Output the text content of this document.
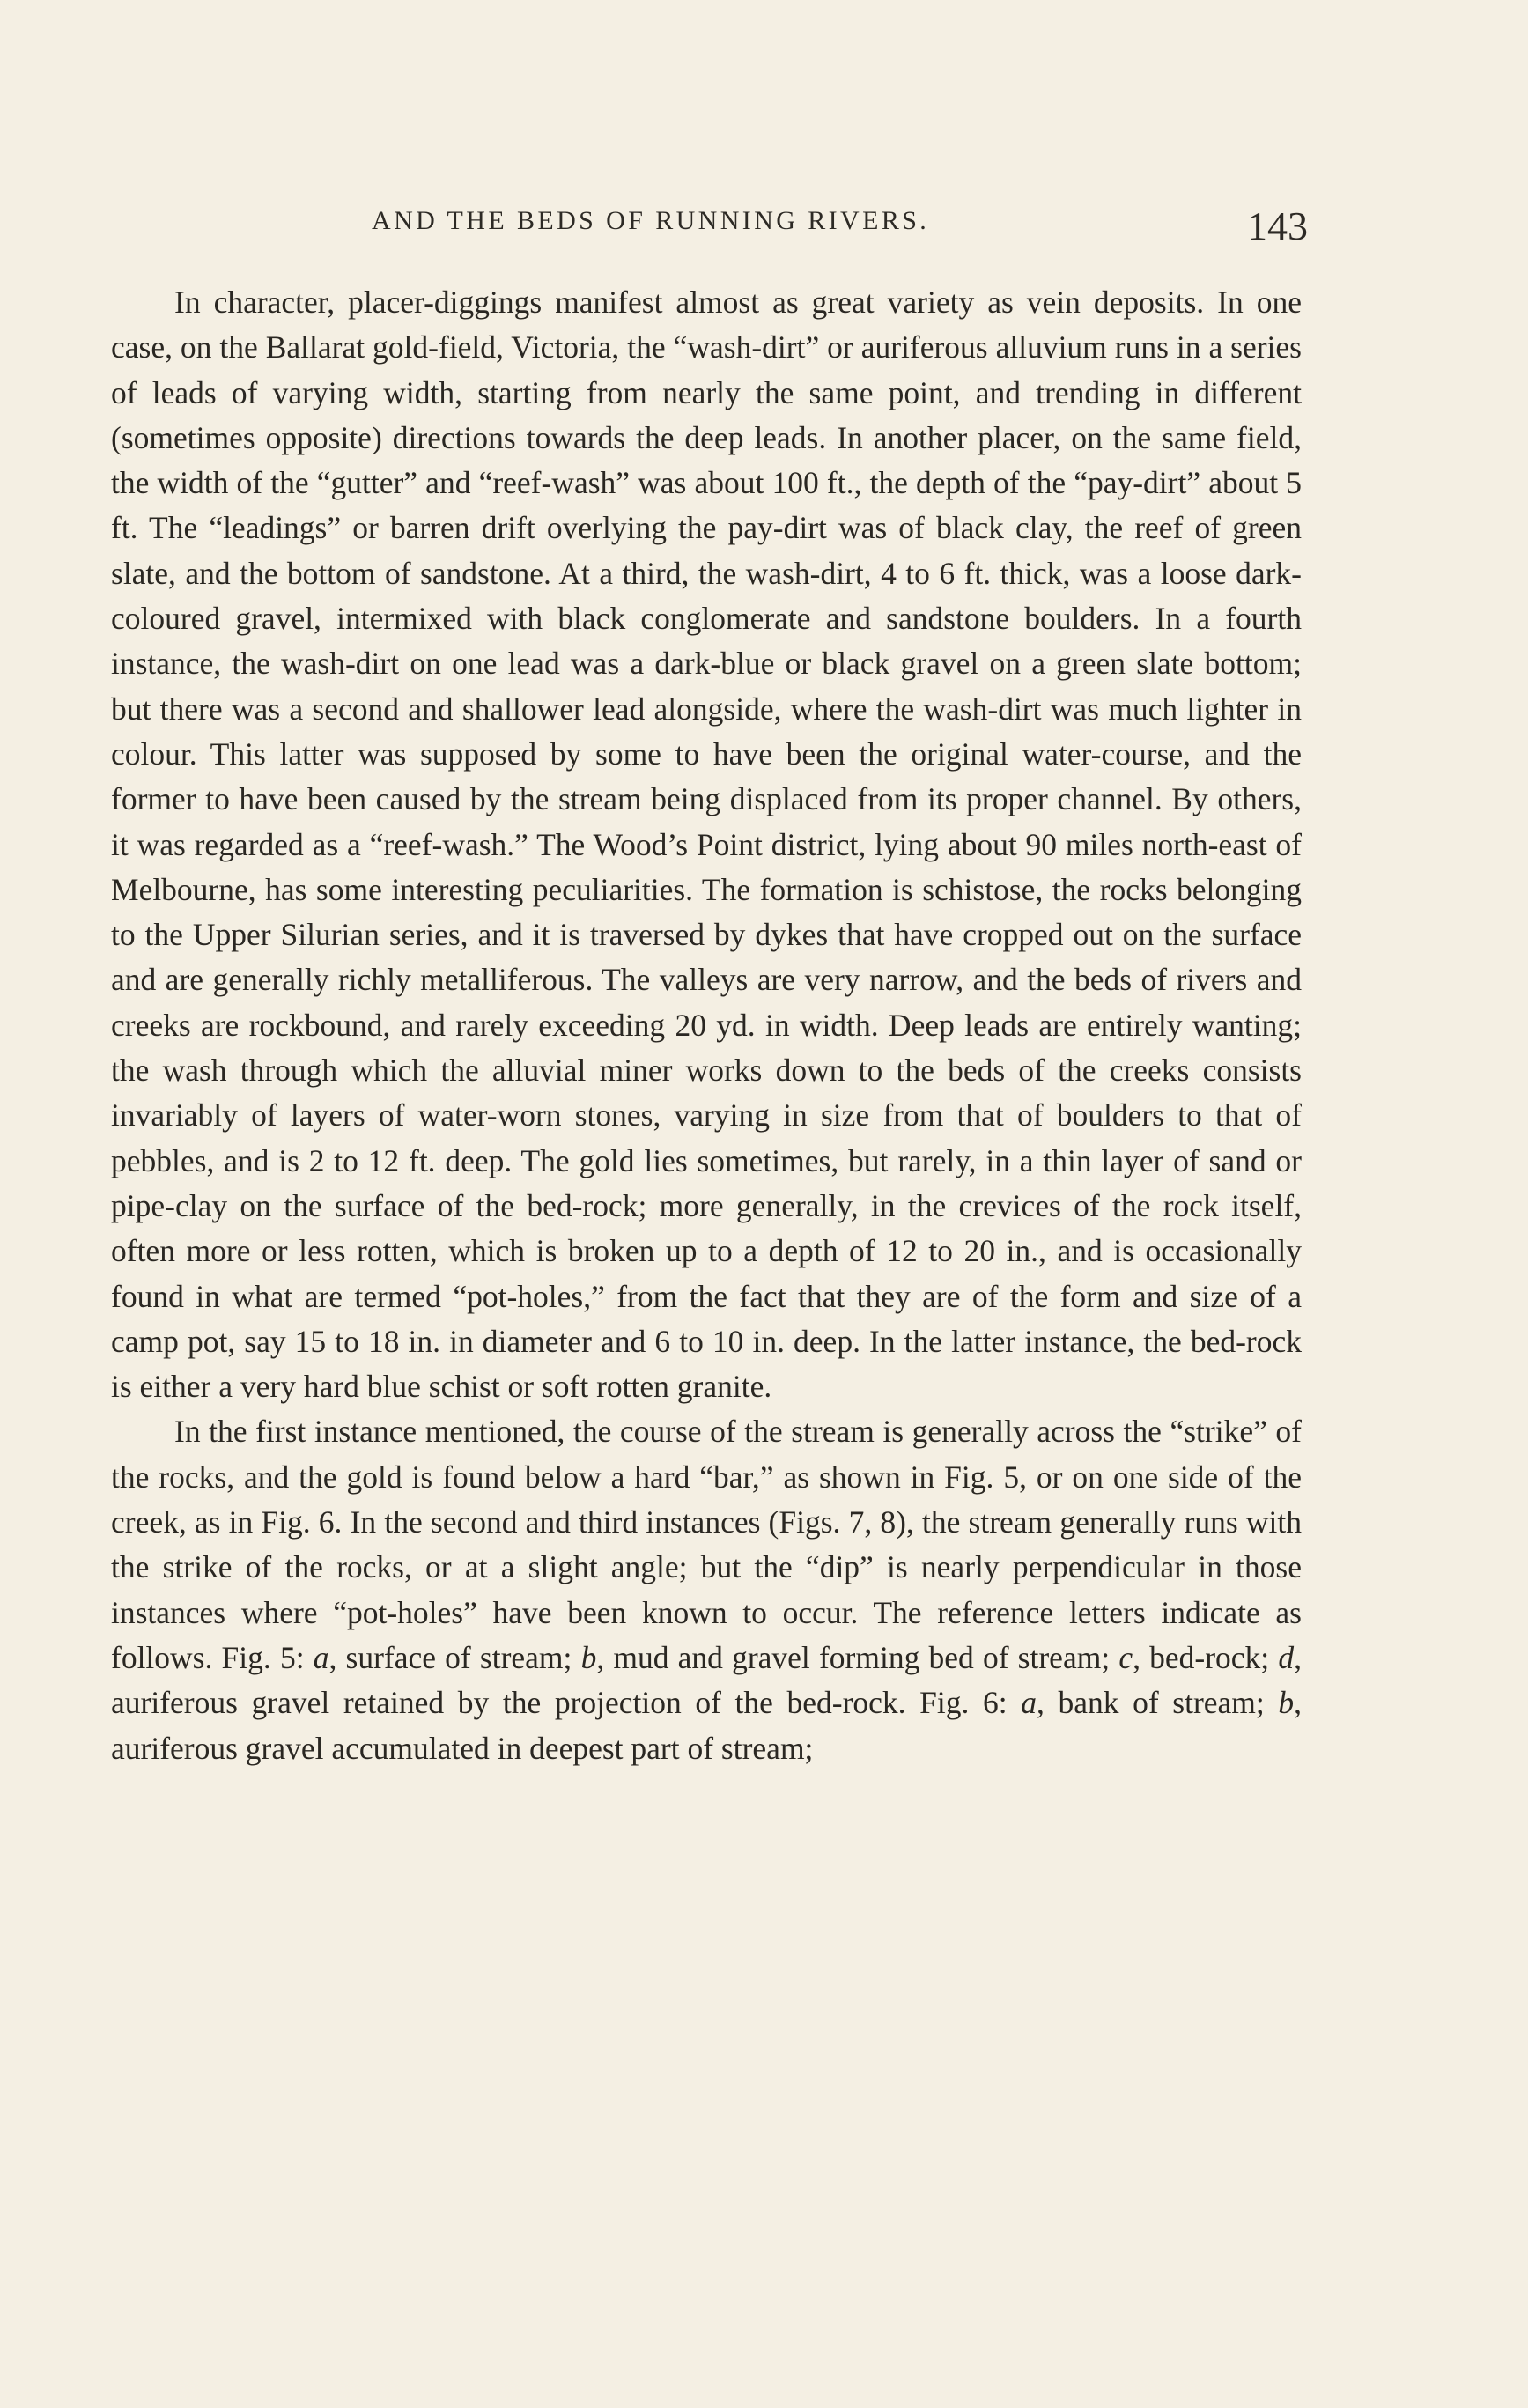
AND THE BEDS OF RUNNING RIVERS.	143

In character, placer-diggings manifest almost as great variety as vein deposits. In one case, on the Ballarat gold-field, Victoria, the “wash-dirt” or auriferous alluvium runs in a series of leads of varying width, starting from nearly the same point, and trending in different (sometimes opposite) directions towards the deep leads. In another placer, on the same field, the width of the “gutter” and “reef-wash” was about 100 ft., the depth of the “pay-dirt” about 5 ft. The “leadings” or barren drift overlying the pay-dirt was of black clay, the reef of green slate, and the bottom of sandstone. At a third, the wash-dirt, 4 to 6 ft. thick, was a loose dark-coloured gravel, intermixed with black conglomerate and sandstone boulders. In a fourth instance, the wash-dirt on one lead was a dark-blue or black gravel on a green slate bottom; but there was a second and shallower lead alongside, where the wash-dirt was much lighter in colour. This latter was supposed by some to have been the original water-course, and the former to have been caused by the stream being displaced from its proper channel. By others, it was regarded as a “reef-wash.” The Wood’s Point district, lying about 90 miles north-east of Melbourne, has some interesting peculiarities. The formation is schistose, the rocks belonging to the Upper Silurian series, and it is traversed by dykes that have cropped out on the surface and are generally richly metalliferous. The valleys are very narrow, and the beds of rivers and creeks are rockbound, and rarely exceeding 20 yd. in width. Deep leads are entirely wanting; the wash through which the alluvial miner works down to the beds of the creeks consists invariably of layers of water-worn stones, varying in size from that of boulders to that of pebbles, and is 2 to 12 ft. deep. The gold lies sometimes, but rarely, in a thin layer of sand or pipe-clay on the surface of the bed-rock; more generally, in the crevices of the rock itself, often more or less rotten, which is broken up to a depth of 12 to 20 in., and is occasionally found in what are termed “pot-holes,” from the fact that they are of the form and size of a camp pot, say 15 to 18 in. in diameter and 6 to 10 in. deep. In the latter instance, the bed-rock is either a very hard blue schist or soft rotten granite.

In the first instance mentioned, the course of the stream is generally across the “strike” of the rocks, and the gold is found below a hard “bar,” as shown in Fig. 5, or on one side of the creek, as in Fig. 6. In the second and third instances (Figs. 7, 8), the stream generally runs with the strike of the rocks, or at a slight angle; but the “dip” is nearly perpendicular in those instances where “pot-holes” have been known to occur. The reference letters indicate as follows. Fig. 5: a, surface of stream; b, mud and gravel forming bed of stream; c, bed-rock; d, auriferous gravel retained by the projection of the bed-rock. Fig. 6: a, bank of stream; b, auriferous gravel accumulated in deepest part of stream;
